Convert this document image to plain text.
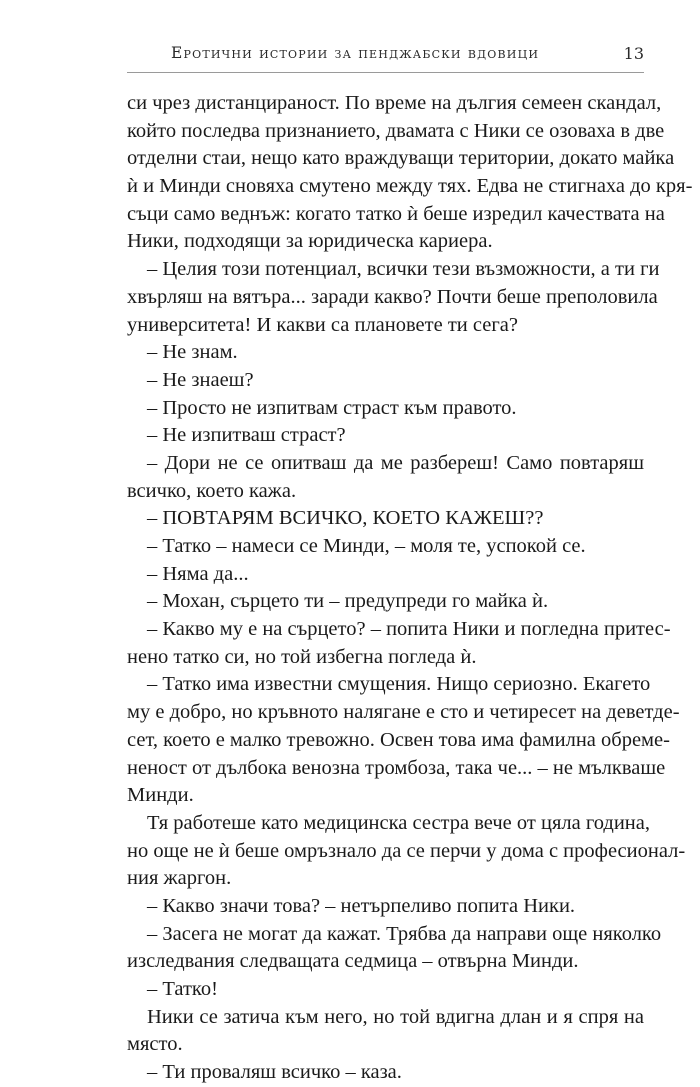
Еротични истории за пенджабски вдовици	13
си чрез дистанцираност. По време на дългия семеен скандал,
който последва признанието, двамата с Ники се озоваха в две
отделни стаи, нещо като враждуващи територии, докато майка
ѝ и Минди сновяха смутено между тях. Едва не стигнаха до кря-
съци само веднъж: когато татко ѝ беше изредил качествата на
Ники, подходящи за юридическа кариера.
– Целия този потенциал, всички тези възможности, а ти ги
хвърляш на вятъра... заради какво? Почти беше преполовила
университета! И какви са плановете ти сега?
– Не знам.
– Не знаеш?
– Просто не изпитвам страст към правото.
– Не изпитваш страст?
– Дори не се опитваш да ме разбереш! Само повтаряш
всичко, което кажа.
– ПОВТАРЯМ ВСИЧКО, КОЕТО КАЖЕШ??
– Татко – намеси се Минди, – моля те, успокой се.
– Няма да...
– Мохан, сърцето ти – предупреди го майка ѝ.
– Какво му е на сърцето? – попита Ники и погледна притес-
нено татко си, но той избегна погледа ѝ.
– Татко има известни смущения. Нищо сериозно. Екагето
му е добро, но кръвното налягане е сто и четиресет на деветде-
сет, което е малко тревожно. Освен това има фамилна обреме-
неност от дълбока венозна тромбоза, така че... – не мълкваше
Минди.
Тя работеше като медицинска сестра вече от цяла година,
но още не ѝ беше омръзнало да се перчи у дома с професионал-
ния жаргон.
– Какво значи това? – нетърпеливо попита Ники.
– Засега не могат да кажат. Трябва да направи още няколко
изследвания следващата седмица – отвърна Минди.
– Татко!
Ники се затича към него, но той вдигна длан и я спря на
място.
– Ти проваляш всичко – каза.
